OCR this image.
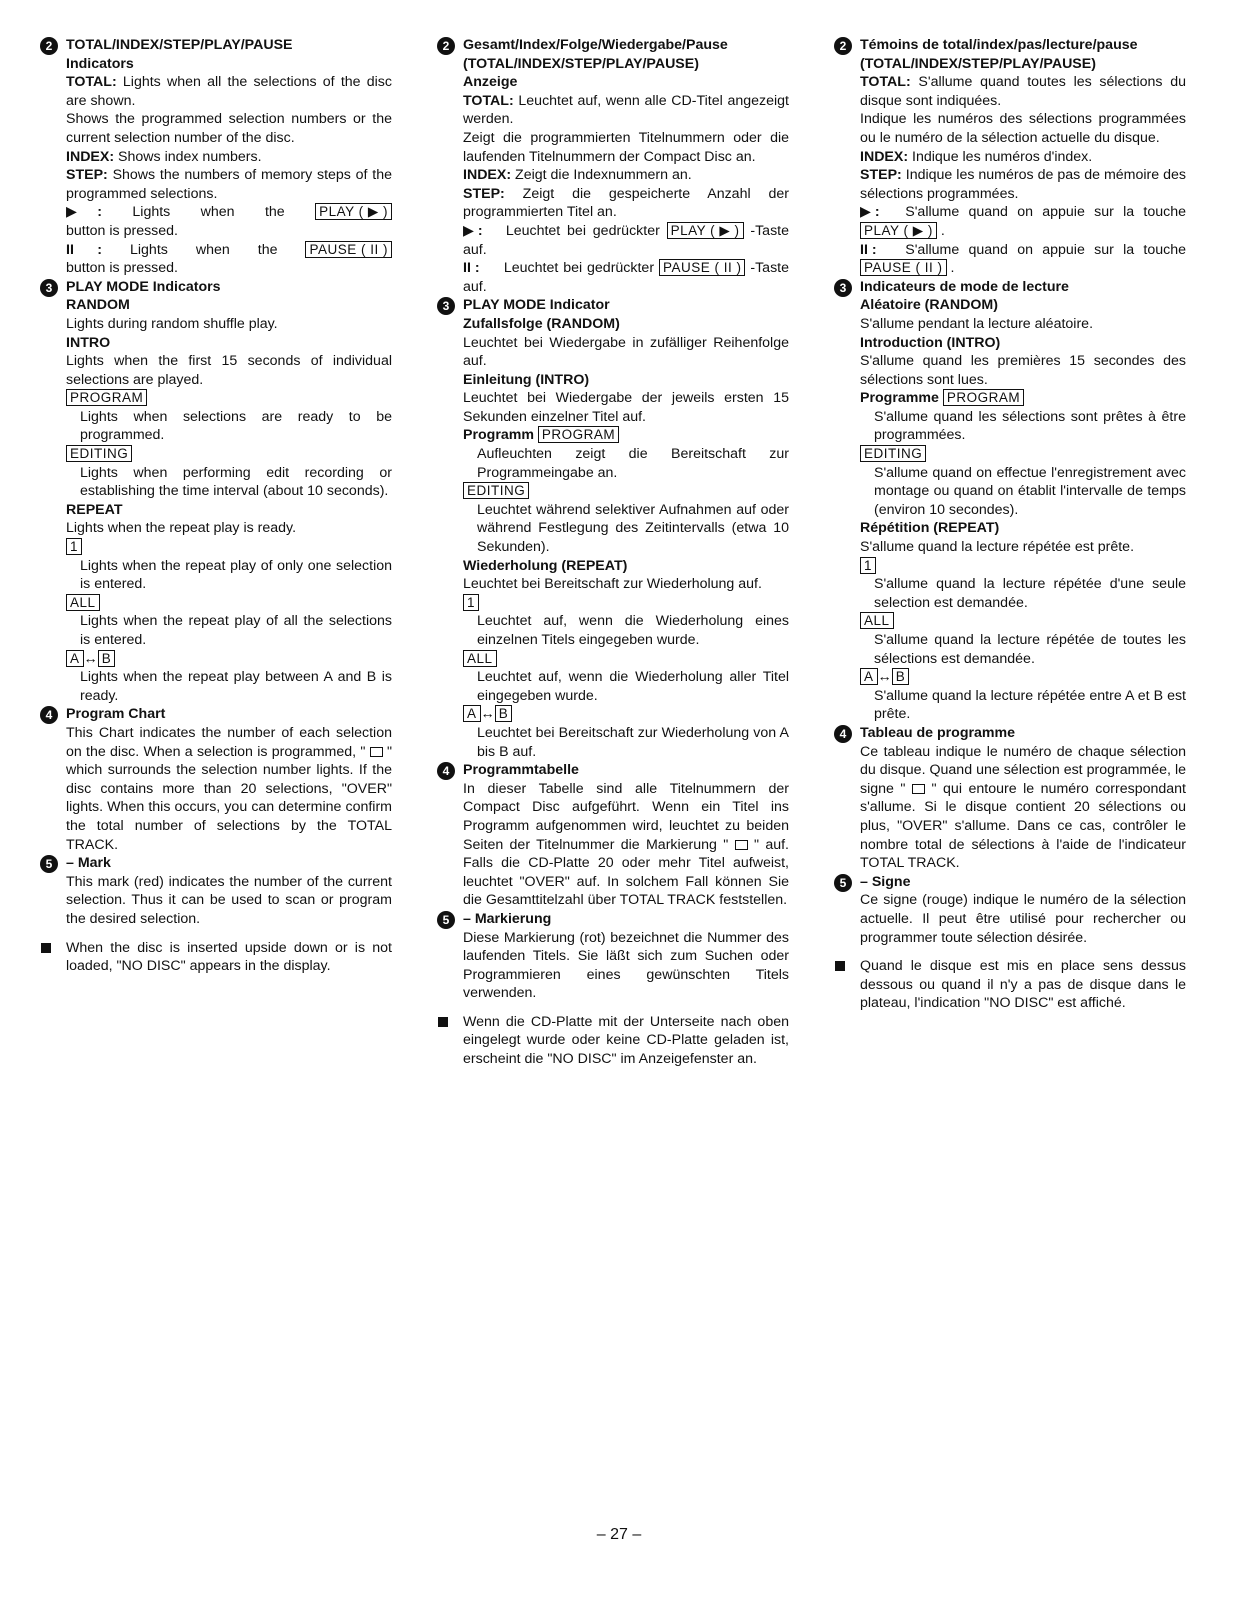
2 TOTAL/INDEX/STEP/PLAY/PAUSE
Indicators
TOTAL: Lights when all the selections of the disc are shown.
Shows the programmed selection numbers or the current selection number of the disc.
INDEX: Shows index numbers.
STEP: Shows the numbers of memory steps of the programmed selections.
▶ : Lights when the	PLAY ( ▶ )
button is pressed.
II : Lights when the PAUSE ( II )
button is pressed.
3 PLAY MODE Indicators
RANDOM
Lights during random shuffle play.
INTRO
Lights when the first 15 seconds of individual selections are played.
PROGRAM
Lights when selections are ready to be programmed.
EDITING
Lights when performing edit recording or establishing the time interval (about 10 seconds).
REPEAT
Lights when the repeat play is ready.
1
Lights when the repeat play of only one selection is entered.
ALL
Lights when the repeat play of all the selections is entered.
A ↔ B
Lights when the repeat play between A and B is ready.
4 Program Chart
This Chart indicates the number of each selection on the disc. When a selection is programmed, " " which surrounds the selection number lights. If the disc contains more than 20 selections, "OVER" lights. When this occurs, you can determine confirm the total number of selections by the TOTAL TRACK.
5 – Mark
This mark (red) indicates the number of the current selection. Thus it can be used to scan or program the desired selection.
When the disc is inserted upside down or is not loaded, "NO DISC" appears in the display.
2 Gesamt/Index/Folge/Wiedergabe/Pause
(TOTAL/INDEX/STEP/PLAY/PAUSE)
Anzeige
TOTAL: Leuchtet auf, wenn alle CD-Titel angezeigt werden.
Zeigt die programmierten Titelnummern oder die laufenden Titelnummern der Compact Disc an.
INDEX: Zeigt die Indexnummern an.
STEP: Zeigt die gespeicherte Anzahl der programmierten Titel an.
▶ : Leuchtet bei gedrückter PLAY ( ▶ ) -Taste auf.
II : Leuchtet bei gedrückter PAUSE ( II ) -Taste auf.
3 PLAY MODE Indicator
Zufallsfolge (RANDOM)
Leuchtet bei Wiedergabe in zufälliger Reihenfolge auf.
Einleitung (INTRO)
Leuchtet bei Wiedergabe der jeweils ersten 15 Sekunden einzelner Titel auf.
Programm PROGRAM
Aufleuchten zeigt die Bereitschaft zur Programmeingabe an.
EDITING
Leuchtet während selektiver Aufnahmen auf oder während Festlegung des Zeitintervalls (etwa 10 Sekunden).
Wiederholung (REPEAT)
Leuchtet bei Bereitschaft zur Wiederholung auf.
1
Leuchtet auf, wenn die Wiederholung eines einzelnen Titels eingegeben wurde.
ALL
Leuchtet auf, wenn die Wiederholung aller Titel eingegeben wurde.
A ↔ B
Leuchtet bei Bereitschaft zur Wiederholung von A bis B auf.
4 Programmtabelle
In dieser Tabelle sind alle Titelnummern der Compact Disc aufgeführt. Wenn ein Titel ins Programm aufgenommen wird, leuchtet zu beiden Seiten der Titelnummer die Markierung " " auf. Falls die CD-Platte 20 oder mehr Titel aufweist, leuchtet "OVER" auf. In solchem Fall können Sie die Gesamttitelzahl über TOTAL TRACK feststellen.
5 – Markierung
Diese Markierung (rot) bezeichnet die Nummer des laufenden Titels. Sie läßt sich zum Suchen oder Programmieren eines gewünschten Titels verwenden.
Wenn die CD-Platte mit der Unterseite nach oben eingelegt wurde oder keine CD-Platte geladen ist, erscheint die "NO DISC" im Anzeigefenster an.
2 Témoins de total/index/pas/lecture/pause
(TOTAL/INDEX/STEP/PLAY/PAUSE)
TOTAL: S'allume quand toutes les sélections du disque sont indiquées.
Indique les numéros des sélections programmées ou le numéro de la sélection actuelle du disque.
INDEX: Indique les numéros d'index.
STEP: Indique les numéros de pas de mémoire des sélections programmées.
▶ : S'allume quand on appuie sur la touche PLAY ( ▶ ) .
II : S'allume quand on appuie sur la touche PAUSE ( II ) .
3 Indicateurs de mode de lecture
Aléatoire (RANDOM)
S'allume pendant la lecture aléatoire.
Introduction (INTRO)
S'allume quand les premières 15 secondes des sélections sont lues.
Programme PROGRAM
S'allume quand les sélections sont prêtes à être programmées.
EDITING
S'allume quand on effectue l'enregistrement avec montage ou quand on établit l'intervalle de temps (environ 10 secondes).
Répétition (REPEAT)
S'allume quand la lecture répétée est prête.
1
S'allume quand la lecture répétée d'une seule selection est demandée.
ALL
S'allume quand la lecture répétée de toutes les sélections est demandée.
A ↔ B
S'allume quand la lecture répétée entre A et B est prête.
4 Tableau de programme
Ce tableau indique le numéro de chaque sélection du disque. Quand une sélection est programmée, le signe " " qui entoure le numéro correspondant s'allume. Si le disque contient 20 sélections ou plus, "OVER" s'allume. Dans ce cas, contrôler le nombre total de sélections à l'aide de l'indicateur TOTAL TRACK.
5 – Signe
Ce signe (rouge) indique le numéro de la sélection actuelle. Il peut être utilisé pour rechercher ou programmer toute sélection désirée.
Quand le disque est mis en place sens dessus dessous ou quand il n'y a pas de disque dans le plateau, l'indication "NO DISC" est affiché.
– 27 –
